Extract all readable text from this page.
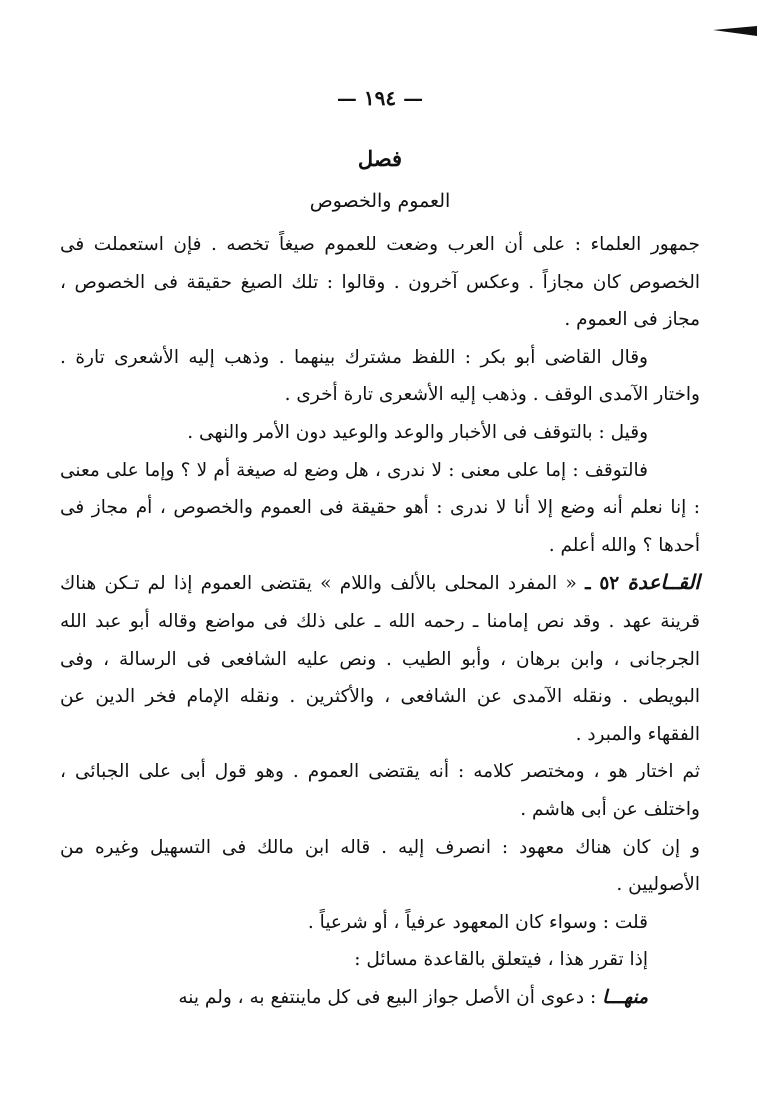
— ١٩٤ —
فصل
العموم والخصوص

جمهور العلماء : على أن العرب وضعت للعموم صيغاً تخصه . فإن استعملت فى الخصوص كان مجازاً . وعكس آخرون . وقالوا : تلك الصيغ حقيقة فى الخصوص ، مجاز فى العموم .

وقال القاضى أبو بكر : اللفظ مشترك بينهما . وذهب إليه الأشعرى تارة . واختار الآمدى الوقف . وذهب إليه الأشعرى تارة أخرى .

وقيل : بالتوقف فى الأخبار والوعد والوعيد دون الأمر والنهى .

فالتوقف : إما على معنى : لا ندرى ، هل وضع له صيغة أم لا ؟ وإما على معنى : إنا نعلم أنه وضع إلا أنا لا ندرى : أهو حقيقة فى العموم والخصوص ، أم مجاز فى أحدها ؟ والله أعلم .

القــاعدة ٥٢ ـ « المفرد المحلى بالألف واللام » يقتضى العموم إذا لم تـكن هناك قرينة عهد . وقد نص إمامنا ـ رحمه الله ـ على ذلك فى مواضع وقاله أبو عبد الله الجرجانى ، وابن برهان ، وأبو الطيب . ونص عليه الشافعى فى الرسالة ، وفى البويطى . ونقله الآمدى عن الشافعى ، والأكثرين . ونقله الإمام فخر الدين عن الفقهاء والمبرد .

ثم اختار هو ، ومختصر كلامه : أنه يقتضى العموم . وهو قول أبى على الجبائى ، واختلف عن أبى هاشم .

و إن كان هناك معهود : انصرف إليه . قاله ابن مالك فى التسهيل وغيره من الأصوليين .

قلت : وسواء كان المعهود عرفياً ، أو شرعياً .

إذا تقرر هذا ، فيتعلق بالقاعدة مسائل :

منهـــا : دعوى أن الأصل جواز البيع فى كل ماينتفع به ، ولم ينه
